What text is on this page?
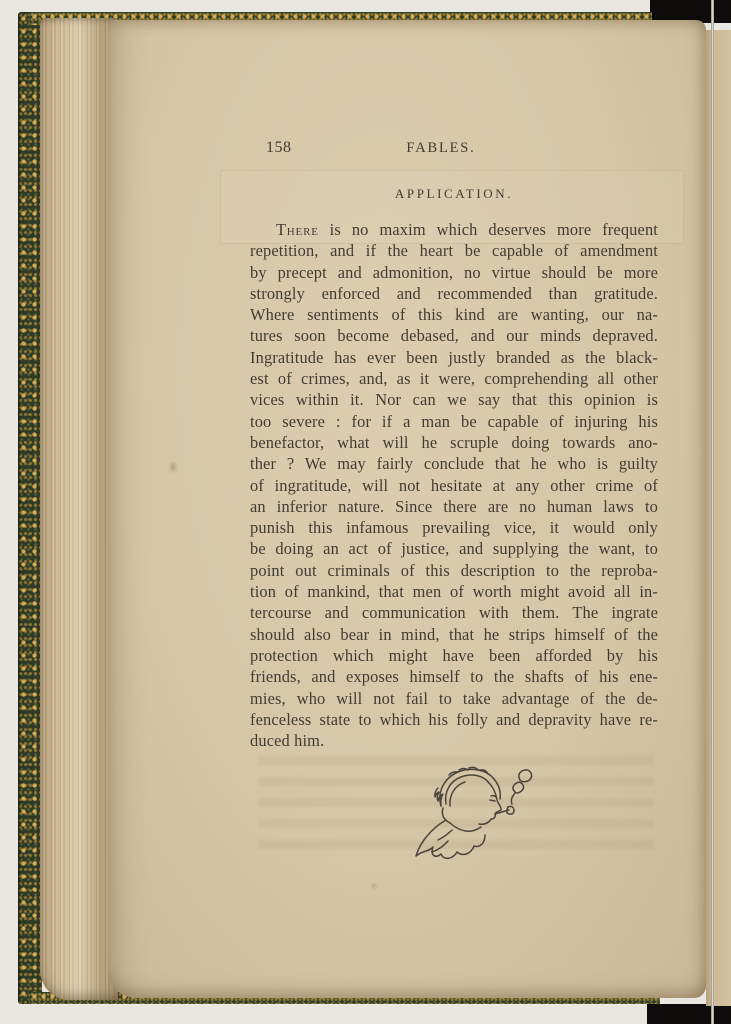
158	FABLES.
APPLICATION.
There is no maxim which deserves more frequent
repetition, and if the heart be capable of amendment
by precept and admonition, no virtue should be more
strongly enforced and recommended than gratitude.
Where sentiments of this kind are wanting, our na-
tures soon become debased, and our minds depraved.
Ingratitude has ever been justly branded as the black-
est of crimes, and, as it were, comprehending all other
vices within it. Nor can we say that this opinion is
too severe : for if a man be capable of injuring his
benefactor, what will he scruple doing towards ano-
ther ? We may fairly conclude that he who is guilty
of ingratitude, will not hesitate at any other crime of
an inferior nature. Since there are no human laws to
punish this infamous prevailing vice, it would only
be doing an act of justice, and supplying the want, to
point out criminals of this description to the reproba-
tion of mankind, that men of worth might avoid all in-
tercourse and communication with them. The ingrate
should also bear in mind, that he strips himself of the
protection which might have been afforded by his
friends, and exposes himself to the shafts of his ene-
mies, who will not fail to take advantage of the de-
fenceless state to which his folly and depravity have re-
duced him.
